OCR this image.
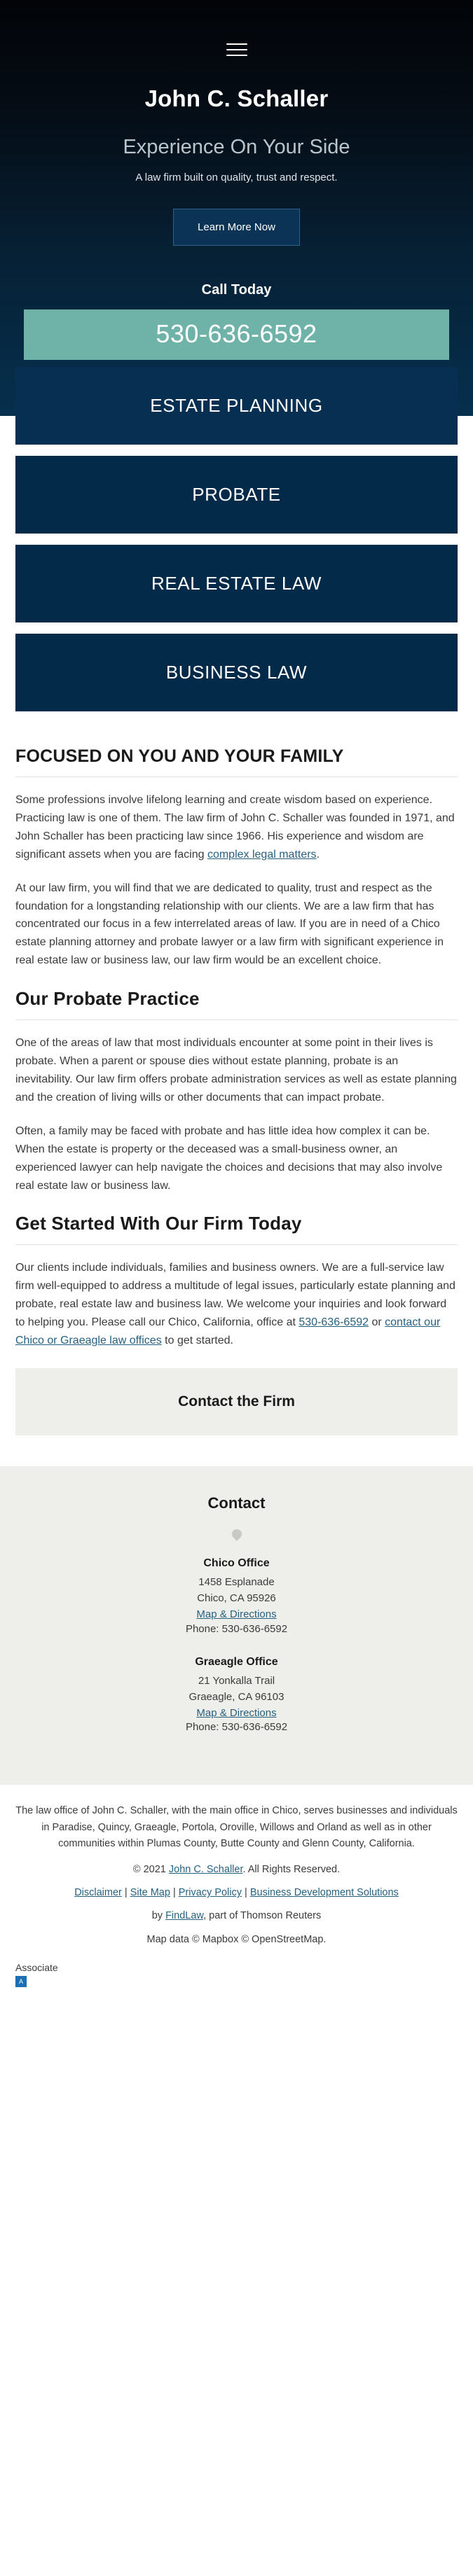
John C. Schaller
Experience On Your Side
A law firm built on quality, trust and respect.
Learn More Now
Call Today
530-636-6592
ESTATE PLANNING
PROBATE
REAL ESTATE LAW
BUSINESS LAW
FOCUSED ON YOU AND YOUR FAMILY

Some professions involve lifelong learning and create wisdom based on experience. Practicing law is one of them. The law firm of John C. Schaller was founded in 1971, and John Schaller has been practicing law since 1966. His experience and wisdom are significant assets when you are facing complex legal matters.

At our law firm, you will find that we are dedicated to quality, trust and respect as the foundation for a longstanding relationship with our clients. We are a law firm that has concentrated our focus in a few interrelated areas of law. If you are in need of a Chico estate planning attorney and probate lawyer or a law firm with significant experience in real estate law or business law, our law firm would be an excellent choice.

Our Probate Practice

One of the areas of law that most individuals encounter at some point in their lives is probate. When a parent or spouse dies without estate planning, probate is an inevitability. Our law firm offers probate administration services as well as estate planning and the creation of living wills or other documents that can impact probate.

Often, a family may be faced with probate and has little idea how complex it can be. When the estate is property or the deceased was a small-business owner, an experienced lawyer can help navigate the choices and decisions that may also involve real estate law or business law.

Get Started With Our Firm Today

Our clients include individuals, families and business owners. We are a full-service law firm well-equipped to address a multitude of legal issues, particularly estate planning and probate, real estate law and business law. We welcome your inquiries and look forward to helping you. Please call our Chico, California, office at 530-636-6592 or contact our Chico or Graeagle law offices to get started.

Contact the Firm
Contact
Chico Office
1458 Esplanade
Chico, CA 95926
Map & Directions
Phone: 530-636-6592
Graeagle Office
21 Yonkalla Trail
Graeagle, CA 96103
Map & Directions
Phone: 530-636-6592

The law office of John C. Schaller, with the main office in Chico, serves businesses and individuals in Paradise, Quincy, Graeagle, Portola, Oroville, Willows and Orland as well as in other communities within Plumas County, Butte County and Glenn County, California.

© 2021 John C. Schaller. All Rights Reserved.

Disclaimer | Site Map | Privacy Policy | Business Development Solutions

by FindLaw, part of Thomson Reuters

Map data © Mapbox © OpenStreetMap.

Associate
A
